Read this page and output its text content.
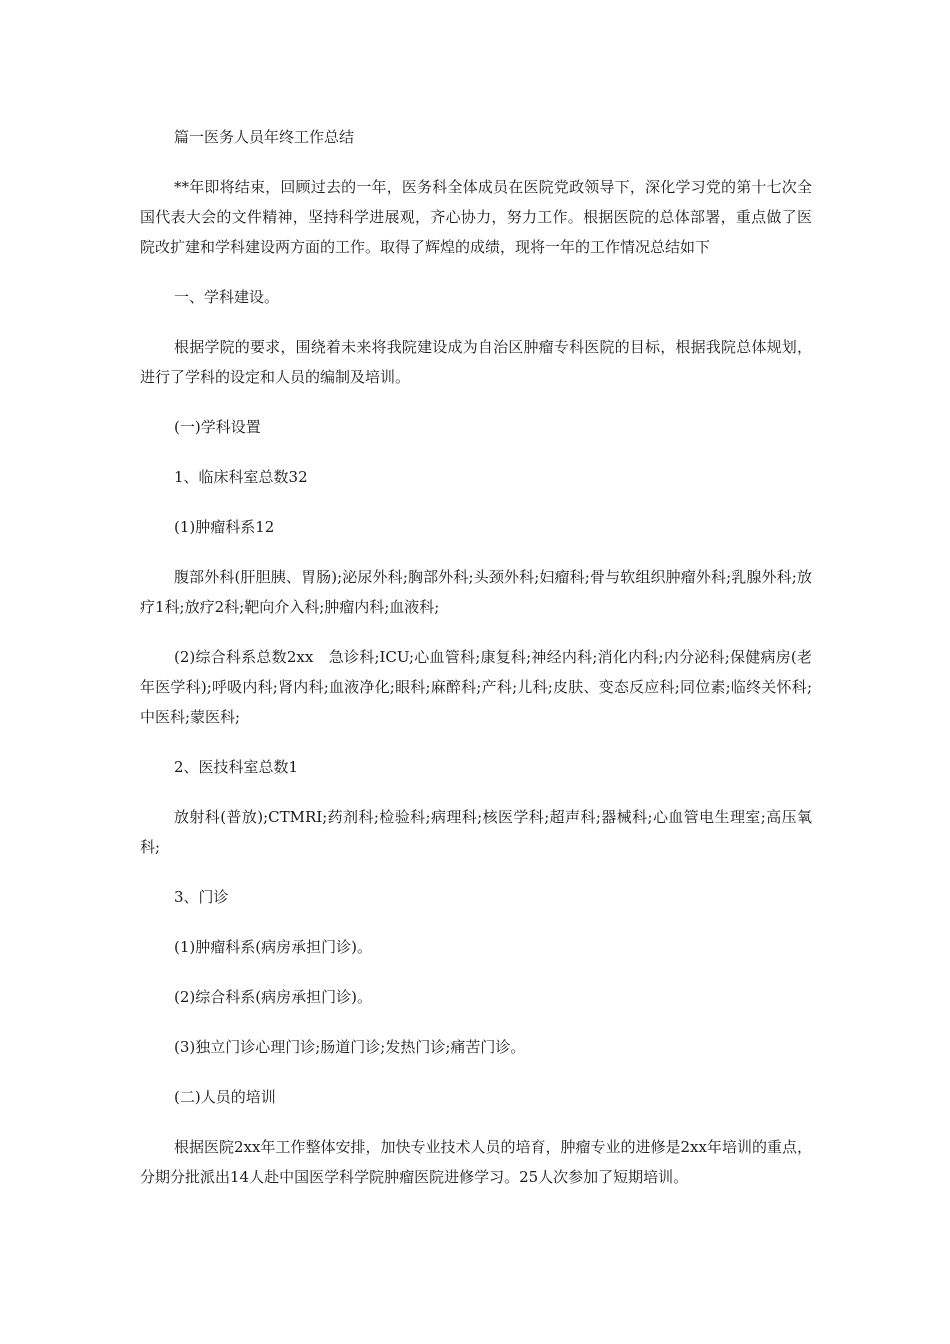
篇一医务人员年终工作总结

**年即将结束，回顾过去的一年，医务科全体成员在医院党政领导下，深化学习党的第十七次全国代表大会的文件精神，坚持科学进展观，齐心协力，努力工作。根据医院的总体部署，重点做了医院改扩建和学科建设两方面的工作。取得了辉煌的成绩，现将一年的工作情况总结如下

一、学科建设。

根据学院的要求，围绕着未来将我院建设成为自治区肿瘤专科医院的目标，根据我院总体规划，进行了学科的设定和人员的编制及培训。

(一)学科设置

1、临床科室总数32

(1)肿瘤科系12

腹部外科(肝胆胰、胃肠);泌尿外科;胸部外科;头颈外科;妇瘤科;骨与软组织肿瘤外科;乳腺外科;放疗1科;放疗2科;靶向介入科;肿瘤内科;血液科;

(2)综合科系总数2xx　急诊科;ICU;心血管科;康复科;神经内科;消化内科;内分泌科;保健病房(老年医学科);呼吸内科;肾内科;血液净化;眼科;麻醉科;产科;儿科;皮肤、变态反应科;同位素;临终关怀科;中医科;蒙医科;

2、医技科室总数1

放射科(普放);CTMRI;药剂科;检验科;病理科;核医学科;超声科;器械科;心血管电生理室;高压氧科;

3、门诊

(1)肿瘤科系(病房承担门诊)。

(2)综合科系(病房承担门诊)。

(3)独立门诊心理门诊;肠道门诊;发热门诊;痛苦门诊。

(二)人员的培训

根据医院2xx年工作整体安排，加快专业技术人员的培育，肿瘤专业的进修是2xx年培训的重点，分期分批派出14人赴中国医学科学院肿瘤医院进修学习。25人次参加了短期培训。
